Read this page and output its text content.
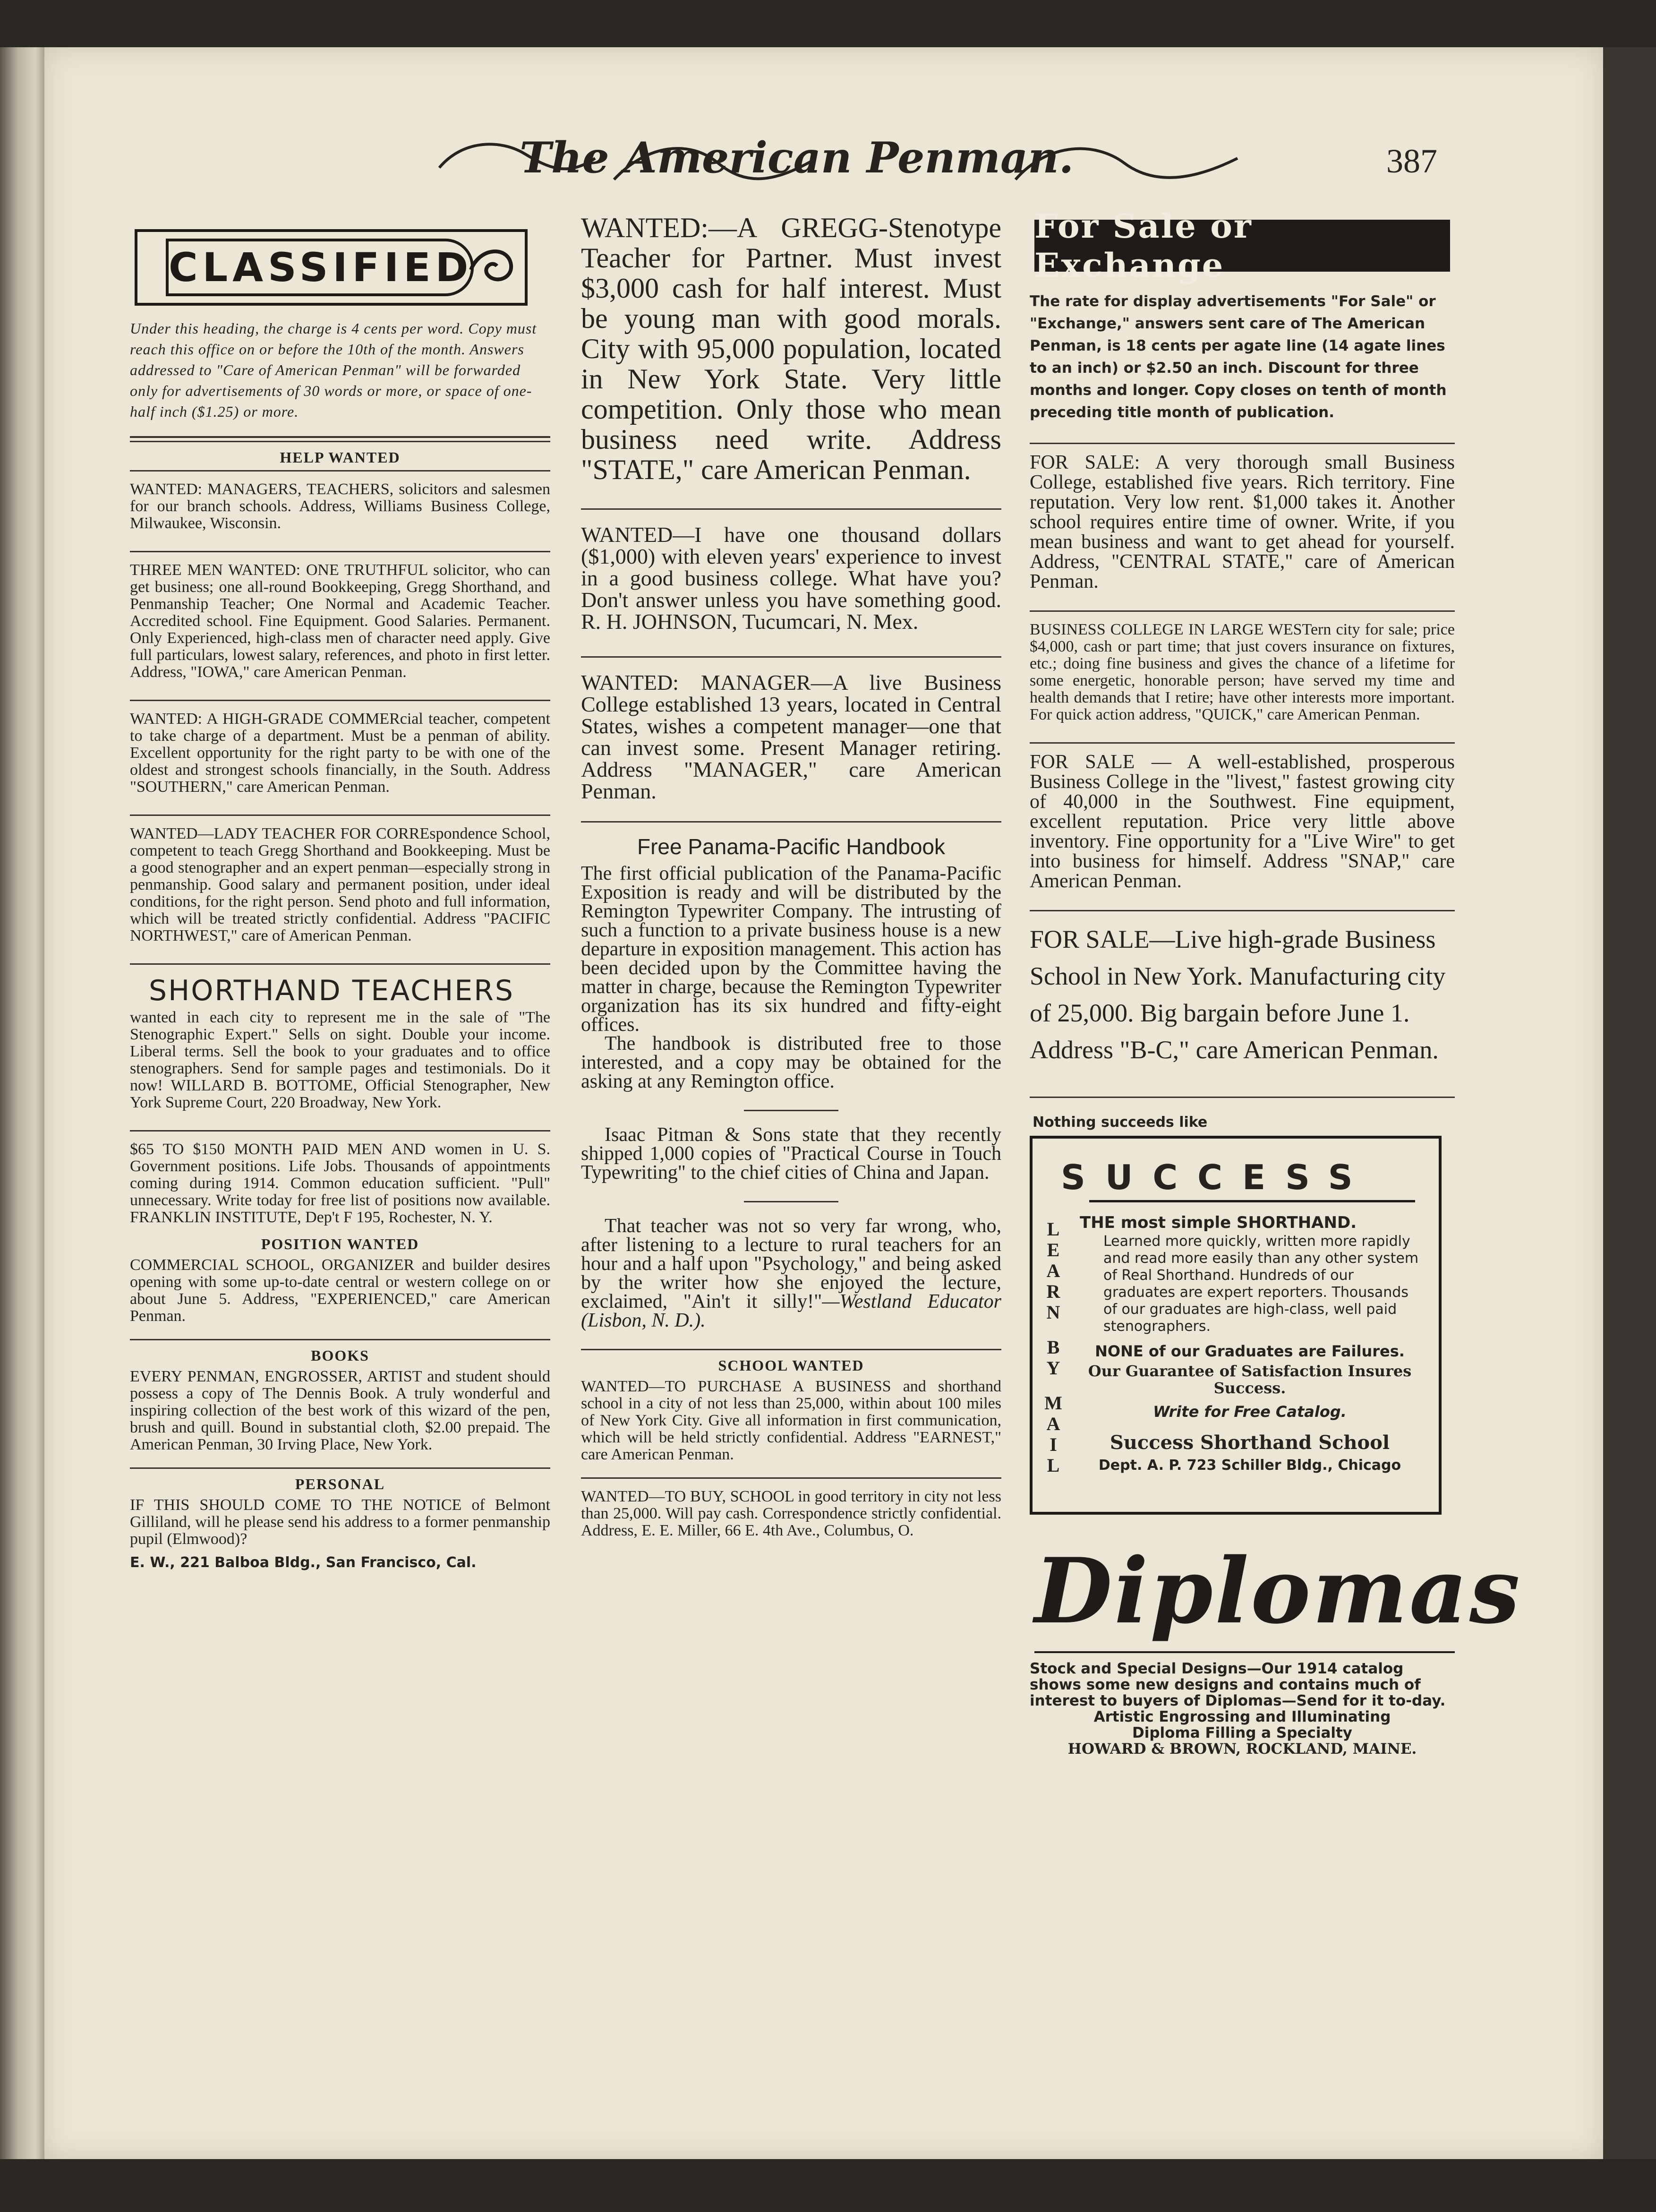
The American Penman.	387
CLASSIFIED

Under this heading, the charge is 4 cents per word. Copy must reach this office on or before the 10th of the month. Answers addressed to "Care of American Penman" will be forwarded only for advertisements of 30 words or more, or space of one-half inch ($1.25) or more.

HELP WANTED

WANTED: MANAGERS, TEACHERS, solicitors and salesmen for our branch schools. Address, Williams Business College, Milwaukee, Wisconsin.

THREE MEN WANTED: ONE TRUTHFUL solicitor, who can get business; one all-round Bookkeeping, Gregg Shorthand, and Penmanship Teacher; One Normal and Academic Teacher. Accredited school. Fine Equipment. Good Salaries. Permanent. Only Experienced, high-class men of character need apply. Give full particulars, lowest salary, references, and photo in first letter. Address, "IOWA," care American Penman.

WANTED: A HIGH-GRADE COMMERcial teacher, competent to take charge of a department. Must be a penman of ability. Excellent opportunity for the right party to be with one of the oldest and strongest schools financially, in the South. Address "SOUTHERN," care American Penman.

WANTED—LADY TEACHER FOR CORREspondence School, competent to teach Gregg Shorthand and Bookkeeping. Must be a good stenographer and an expert penman—especially strong in penmanship. Good salary and permanent position, under ideal conditions, for the right person. Send photo and full information, which will be treated strictly confidential. Address "PACIFIC NORTHWEST," care of American Penman.

SHORTHAND TEACHERS

wanted in each city to represent me in the sale of "The Stenographic Expert." Sells on sight. Double your income. Liberal terms. Sell the book to your graduates and to office stenographers. Send for sample pages and testimonials. Do it now! WILLARD B. BOTTOME, Official Stenographer, New York Supreme Court, 220 Broadway, New York.

$65 TO $150 MONTH PAID MEN AND women in U. S. Government positions. Life Jobs. Thousands of appointments coming during 1914. Common education sufficient. "Pull" unnecessary. Write today for free list of positions now available. FRANKLIN INSTITUTE, Dep't F 195, Rochester, N. Y.

POSITION WANTED

COMMERCIAL SCHOOL, ORGANIZER and builder desires opening with some up-to-date central or western college on or about June 5. Address, "EXPERIENCED," care American Penman.

BOOKS

EVERY PENMAN, ENGROSSER, ARTIST and student should possess a copy of The Dennis Book. A truly wonderful and inspiring collection of the best work of this wizard of the pen, brush and quill. Bound in substantial cloth, $2.00 prepaid. The American Penman, 30 Irving Place, New York.

PERSONAL

IF THIS SHOULD COME TO THE NOTICE of Belmont Gilliland, will he please send his address to a former penmanship pupil (Elmwood)?

E. W., 221 Balboa Bldg., San Francisco, Cal.

WANTED:—A GREGG-Stenotype Teacher for Partner. Must invest $3,000 cash for half interest. Must be young man with good morals. City with 95,000 population, located in New York State. Very little competition. Only those who mean business need write. Address "STATE," care American Penman.

WANTED—I have one thousand dollars ($1,000) with eleven years' experience to invest in a good business college. What have you? Don't answer unless you have something good. R. H. JOHNSON, Tucumcari, N. Mex.

WANTED: MANAGER—A live Business College established 13 years, located in Central States, wishes a competent manager—one that can invest some. Present Manager retiring. Address "MANAGER," care American Penman.

Free Panama-Pacific Handbook

The first official publication of the Panama-Pacific Exposition is ready and will be distributed by the Remington Typewriter Company. The intrusting of such a function to a private business house is a new departure in exposition management. This action has been decided upon by the Committee having the matter in charge, because the Remington Typewriter organization has its six hundred and fifty-eight offices.

The handbook is distributed free to those interested, and a copy may be obtained for the asking at any Remington office.

Isaac Pitman & Sons state that they recently shipped 1,000 copies of "Practical Course in Touch Typewriting" to the chief cities of China and Japan.

That teacher was not so very far wrong, who, after listening to a lecture to rural teachers for an hour and a half upon "Psychology," and being asked by the writer how she enjoyed the lecture, exclaimed, "Ain't it silly!"—Westland Educator (Lisbon, N. D.).

SCHOOL WANTED

WANTED—TO PURCHASE A BUSINESS and shorthand school in a city of not less than 25,000, within about 100 miles of New York City. Give all information in first communication, which will be held strictly confidential. Address "EARNEST," care American Penman.

WANTED—TO BUY, SCHOOL in good territory in city not less than 25,000. Will pay cash. Correspondence strictly confidential. Address, E. E. Miller, 66 E. 4th Ave., Columbus, O.

For Sale or Exchange

The rate for display advertisements "For Sale" or "Exchange," answers sent care of The American Penman, is 18 cents per agate line (14 agate lines to an inch) or $2.50 an inch. Discount for three months and longer. Copy closes on tenth of month preceding title month of publication.

FOR SALE: A very thorough small Business College, established five years. Rich territory. Fine reputation. Very low rent. $1,000 takes it. Another school requires entire time of owner. Write, if you mean business and want to get ahead for yourself. Address, "CENTRAL STATE," care of American Penman.

BUSINESS COLLEGE IN LARGE WESTern city for sale; price $4,000, cash or part time; that just covers insurance on fixtures, etc.; doing fine business and gives the chance of a lifetime for some energetic, honorable person; have served my time and health demands that I retire; have other interests more important. For quick action address, "QUICK," care American Penman.

FOR SALE — A well-established, prosperous Business College in the "livest," fastest growing city of 40,000 in the Southwest. Fine equipment, excellent reputation. Price very little above inventory. Fine opportunity for a "Live Wire" to get into business for himself. Address "SNAP," care American Penman.

FOR SALE—Live high-grade Business School in New York. Manufacturing city of 25,000. Big bargain before June 1. Address "B-C," care American Penman.

Nothing succeeds like
SUCCESS
L
E
A
R
N
B
Y
M
A
I
L

THE most simple SHORTHAND.

Learned more quickly, written more rapidly and read more easily than any other system of Real Shorthand. Hundreds of our graduates are expert reporters. Thousands of our graduates are high-class, well paid stenographers.

NONE of our Graduates are Failures.

Our Guarantee of Satisfaction Insures Success.

Write for Free Catalog.

Success Shorthand School

Dept. A. P. 723 Schiller Bldg., Chicago

Diplomas

Stock and Special Designs—Our 1914 catalog shows some new designs and contains much of interest to buyers of Diplomas—Send for it to-day.

Artistic Engrossing and Illuminating

Diploma Filling a Specialty

HOWARD & BROWN, ROCKLAND, MAINE.
